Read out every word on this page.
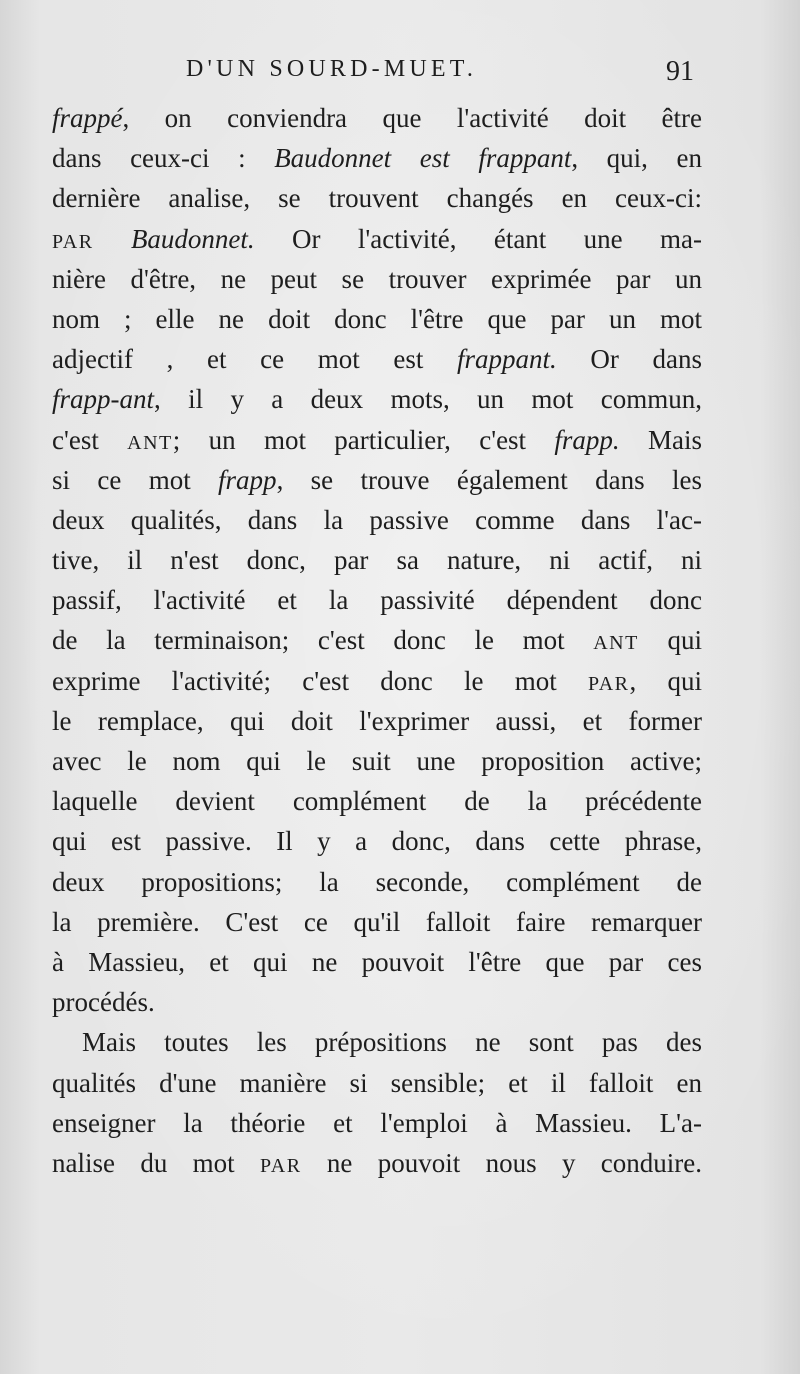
D'UN SOURD-MUET.	91
frappé, on conviendra que l'activité doit être
dans ceux-ci : Baudonnet est frappant, qui, en
dernière analise, se trouvent changés en ceux-ci:
PAR Baudonnet. Or l'activité, étant une ma-
nière d'être, ne peut se trouver exprimée par un
nom ; elle ne doit donc l'être que par un mot
adjectif , et ce mot est frappant. Or dans
frapp-ant, il y a deux mots, un mot commun,
c'est ANT; un mot particulier, c'est frapp. Mais
si ce mot frapp, se trouve également dans les
deux qualités, dans la passive comme dans l'ac-
tive, il n'est donc, par sa nature, ni actif, ni
passif, l'activité et la passivité dépendent donc
de la terminaison; c'est donc le mot ANT qui
exprime l'activité; c'est donc le mot PAR, qui
le remplace, qui doit l'exprimer aussi, et former
avec le nom qui le suit une proposition active;
laquelle devient complément de la précédente
qui est passive. Il y a donc, dans cette phrase,
deux propositions; la seconde, complément de
la première. C'est ce qu'il falloit faire remarquer
à Massieu, et qui ne pouvoit l'être que par ces
procédés.
Mais toutes les prépositions ne sont pas des
qualités d'une manière si sensible; et il falloit en
enseigner la théorie et l'emploi à Massieu. L'a-
nalise du mot PAR ne pouvoit nous y conduire.
